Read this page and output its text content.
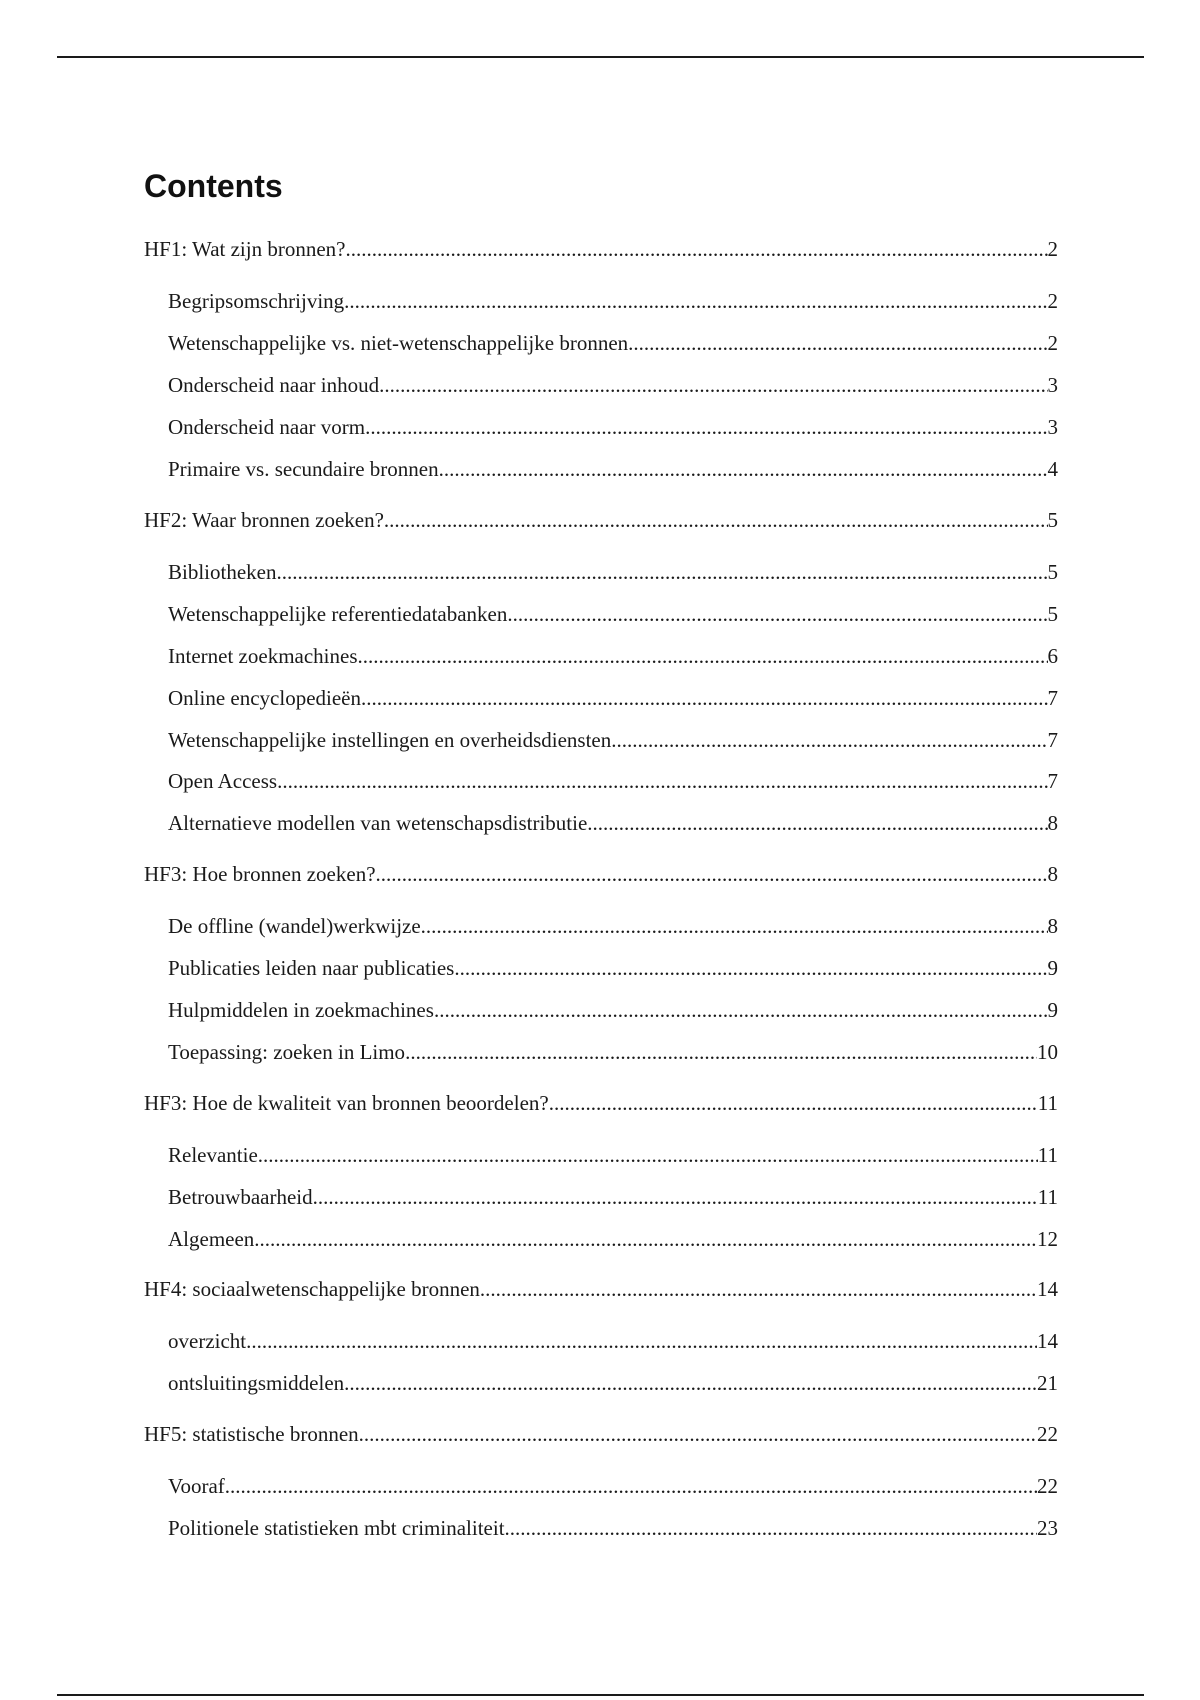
Contents
HF1: Wat zijn bronnen? .....	2
Begripsomschrijving .....	2
Wetenschappelijke vs. niet-wetenschappelijke bronnen .....	2
Onderscheid naar inhoud .....	3
Onderscheid naar vorm .....	3
Primaire vs. secundaire bronnen .....	4
HF2: Waar bronnen zoeken? .....	5
Bibliotheken .....	5
Wetenschappelijke referentiedatabanken .....	5
Internet zoekmachines .....	6
Online encyclopedieën .....	7
Wetenschappelijke instellingen en overheidsdiensten .....	7
Open Access .....	7
Alternatieve modellen van wetenschapsdistributie .....	8
HF3: Hoe bronnen zoeken? .....	8
De offline (wandel)werkwijze .....	8
Publicaties leiden naar publicaties .....	9
Hulpmiddelen in zoekmachines .....	9
Toepassing: zoeken in Limo .....	10
HF3: Hoe de kwaliteit van bronnen beoordelen? .....	11
Relevantie .....	11
Betrouwbaarheid .....	11
Algemeen .....	12
HF4: sociaalwetenschappelijke bronnen .....	14
overzicht .....	14
ontsluitingsmiddelen .....	21
HF5: statistische bronnen .....	22
Vooraf .....	22
Politionele statistieken mbt criminaliteit .....	23
